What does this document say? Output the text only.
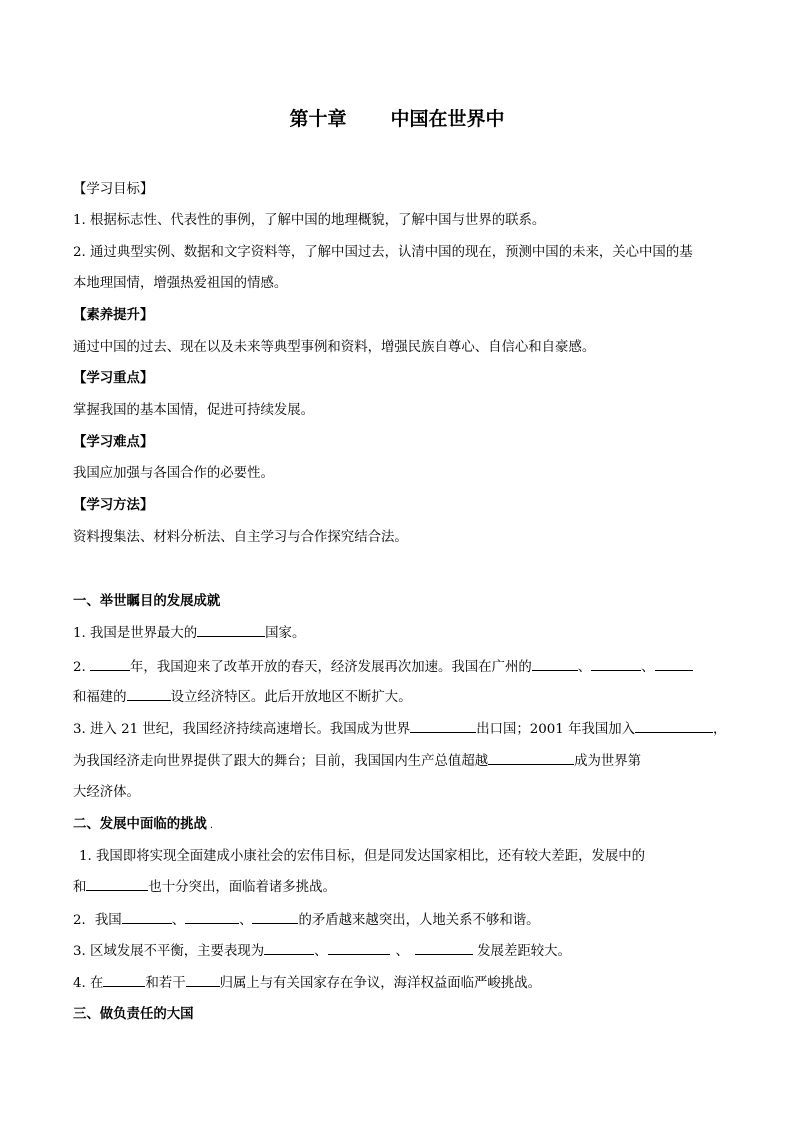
第十章 中国在世界中
【学习目标】
1. 根据标志性、代表性的事例，了解中国的地理概貌，了解中国与世界的联系。
2. 通过典型实例、数据和文字资料等，了解中国过去，认清中国的现在，预测中国的未来，关心中国的基
本地理国情，增强热爱祖国的情感。
【素养提升】
通过中国的过去、现在以及未来等典型事例和资料，增强民族自尊心、自信心和自豪感。
【学习重点】
掌握我国的基本国情，促进可持续发展。
【学习难点】
我国应加强与各国合作的必要性。
【学习方法】
资料搜集法、材料分析法、自主学习与合作探究结合法。
一、举世瞩目的发展成就
1. 我国是世界最大的	国家。
2.	年，我国迎来了改革开放的春天，经济发展再次加速。我国在广州的	、	、
和福建的	设立经济特区。此后开放地区不断扩大。
3. 进入 21 世纪，我国经济持续高速增长。我国成为世界	出口国；2001 年我国加入	，
为我国经济走向世界提供了跟大的舞台；目前，我国国内生产总值超越	成为世界第
大经济体。
二、发展中面临的挑战 .
1. 我国即将实现全面建成小康社会的宏伟目标，但是同发达国家相比，还有较大差距，发展中的
和	也十分突出，面临着诸多挑战。
2．我国	、	、	的矛盾越来越突出，人地关系不够和谐。
3. 区域发展不平衡，主要表现为	、	、	发展差距较大。
4. 在	和若干	归属上与有关国家存在争议，海洋权益面临严峻挑战。
三、做负责任的大国
